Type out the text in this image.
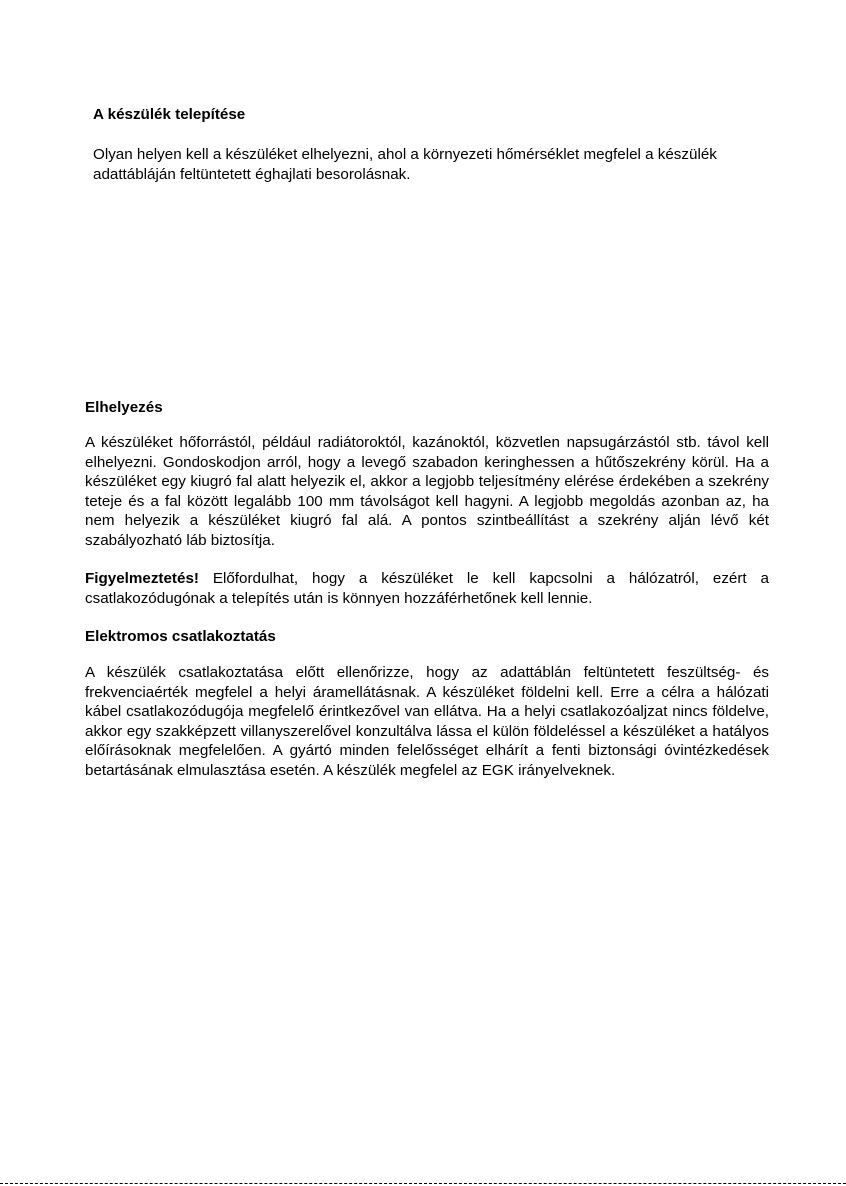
A készülék telepítése

Olyan helyen kell a készüléket elhelyezni, ahol a környezeti hőmérséklet megfelel a készülék adattábláján feltüntetett éghajlati besorolásnak.

Elhelyezés

A készüléket hőforrástól, például radiátoroktól, kazánoktól, közvetlen napsugárzástól stb. távol kell elhelyezni. Gondoskodjon arról, hogy a levegő szabadon keringhessen a hűtőszekrény körül. Ha a készüléket egy kiugró fal alatt helyezik el, akkor a legjobb teljesítmény elérése érdekében a szekrény teteje és a fal között legalább 100 mm távolságot kell hagyni. A legjobb megoldás azonban az, ha nem helyezik a készüléket kiugró fal alá. A pontos szintbeállítást a szekrény alján lévő két szabályozható láb biztosítja.

Figyelmeztetés! Előfordulhat, hogy a készüléket le kell kapcsolni a hálózatról, ezért a csatlakozódugónak a telepítés után is könnyen hozzáférhetőnek kell lennie.

Elektromos csatlakoztatás

A készülék csatlakoztatása előtt ellenőrizze, hogy az adattáblán feltüntetett feszültség- és frekvenciaérték megfelel a helyi áramellátásnak. A készüléket földelni kell. Erre a célra a hálózati kábel csatlakozódugója megfelelő érintkezővel van ellátva. Ha a helyi csatlakozóaljzat nincs földelve, akkor egy szakképzett villanyszerelővel konzultálva lássa el külön földeléssel a készüléket a hatályos előírásoknak megfelelően. A gyártó minden felelősséget elhárít a fenti biztonsági óvintézkedések betartásának elmulasztása esetén. A készülék megfelel az EGK irányelveknek.
